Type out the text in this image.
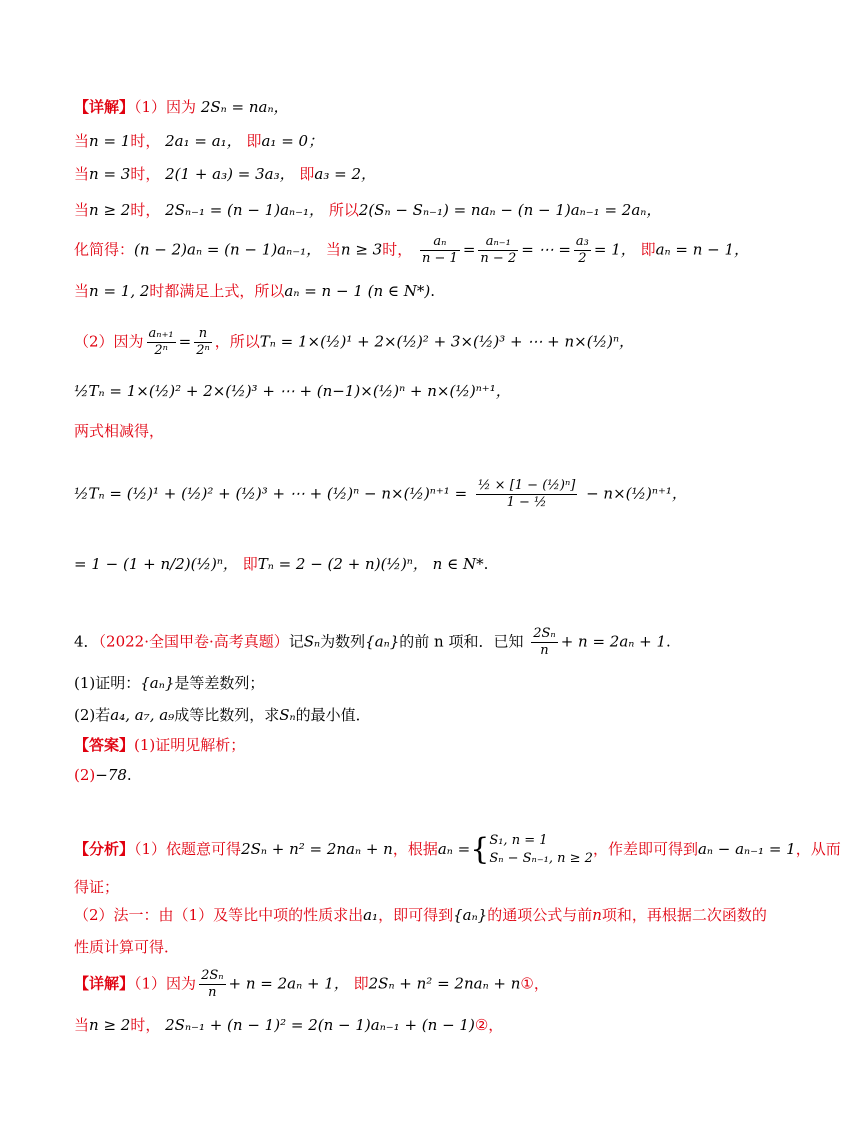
【详解】（1）因为 2Sₙ = naₙ，
当n = 1时， 2a₁ = a₁， 即a₁ = 0；
当n = 3时， 2(1 + a₃) = 3a₃， 即a₃ = 2，
当n ≥ 2时， 2Sₙ₋₁ = (n − 1)aₙ₋₁， 所以2(Sₙ − Sₙ₋₁) = naₙ − (n − 1)aₙ₋₁ = 2aₙ，
化简得：(n − 2)aₙ = (n − 1)aₙ₋₁， 当n ≥ 3时， $\frac{\text{aₙ}}{n - 1} = \frac{\text{aₙ₋₁}}{n - 2}$ = ⋯ = $\frac{\text{a₃}}{2} = 1$， 即aₙ = n − 1，
当n = 1, 2时都满足上式，所以aₙ = n − 1 (n ∈ N*).
（2）因为 $\frac{\text{aₙ₊₁}}{\text{2ⁿ}} = \frac{n}{\text{2ⁿ}}$ ，所以Tₙ = 1×(½)¹ + 2×(½)² + 3×(½)³ + ⋯ + n×(½)ⁿ，
½Tₙ = 1×(½)² + 2×(½)³ + ⋯ + (n−1)×(½)ⁿ + n×(½)ⁿ⁺¹，
两式相减得，
½Tₙ = (½)¹ + (½)² + (½)³ + ⋯ + (½)ⁿ − n×(½)ⁿ⁺¹ = $\frac{\text{½ × [1 − (½)ⁿ]}}{\text{1 − ½}}$ − n×(½)ⁿ⁺¹，
= 1 − (1 + n/2)(½)ⁿ， 即Tₙ = 2 − (2 + n)(½)ⁿ， n ∈ N*.
4．（2022·全国甲卷·高考真题）记Sₙ为数列{aₙ}的前 n 项和．已知 $\frac{\text{2Sₙ}}{n} + n = 2a_n + 1$.
(1)证明：{aₙ}是等差数列；
(2)若a₄, a₇, a₉成等比数列，求Sₙ的最小值．
【答案】(1)证明见解析；
(2)−78.
【分析】（1）依题意可得2Sₙ + n² = 2naₙ + n，根据aₙ ={ S₁, n = 1
Sₙ − Sₙ₋₁, n ≥ 2
，作差即可得到aₙ − aₙ₋₁ = 1，从而
得证；
（2）法一：由（1）及等比中项的性质求出a₁，即可得到{aₙ}的通项公式与前n项和，再根据二次函数的
性质计算可得．
【详解】（1）因为 $\frac{\text{2Sₙ}}{n} + n = 2a_n + 1$， 即2Sₙ + n² = 2naₙ + n①，
当n ≥ 2时， 2Sₙ₋₁ + (n − 1)² = 2(n − 1)aₙ₋₁ + (n − 1)②，
